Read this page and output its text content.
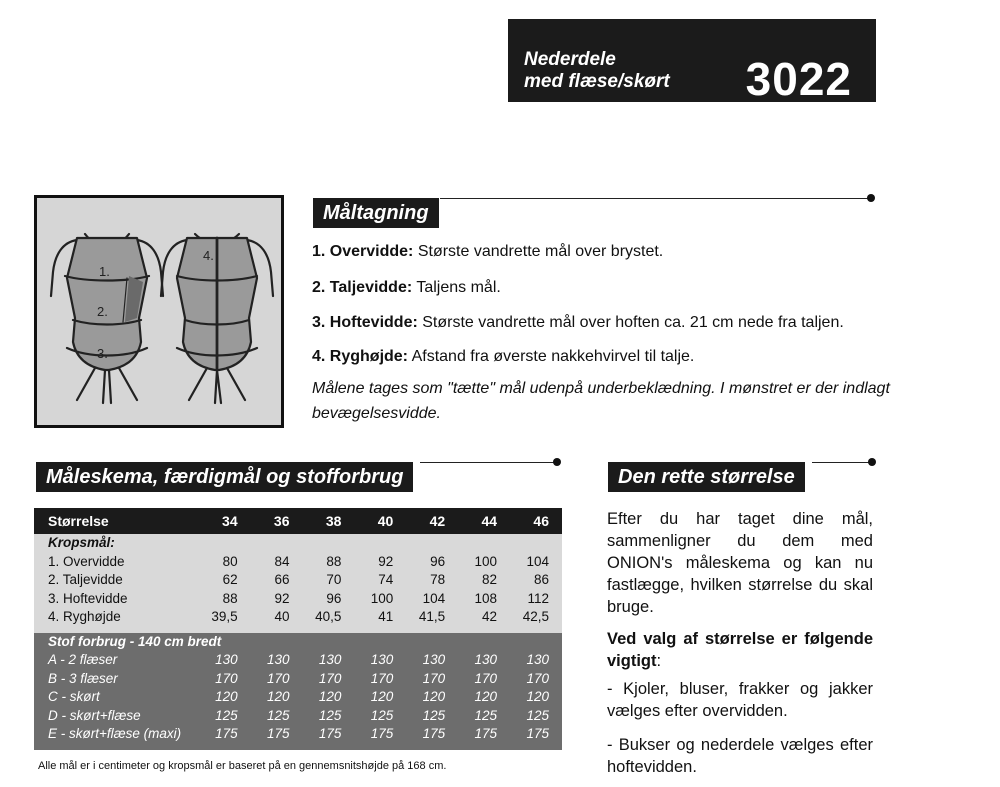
Nederdele
med flæse/skørt 3022
1.
2.
3.
4.
Måltagning
1. Overvidde: Største vandrette mål over brystet.
2. Taljevidde: Taljens mål.
3. Hoftevidde: Største vandrette mål over hoften ca. 21 cm nede fra taljen.
4. Ryghøjde: Afstand fra øverste nakkehvirvel til talje.
Målene tages som "tætte" mål udenpå underbeklædning. I mønstret er der indlagt bevægelsesvidde.
Måleskema, færdigmål og stofforbrug
Størrelse	34	36	38	40	42	44	46
Kropsmål:							
1. Overvidde	80	84	88	92	96	100	104
2. Taljevidde	62	66	70	74	78	82	86
3. Hoftevidde	88	92	96	100	104	108	112
4. Ryghøjde	39,5	40	40,5	41	41,5	42	42,5

Stof forbrug - 140 cm bredt							
A - 2 flæser	130	130	130	130	130	130	130
B - 3 flæser	170	170	170	170	170	170	170
C - skørt	120	120	120	120	120	120	120
D - skørt+flæse	125	125	125	125	125	125	125
E - skørt+flæse (maxi)	175	175	175	175	175	175	175

Alle mål er i centimeter og kropsmål er baseret på en gennemsnitshøjde på 168 cm.
Den rette størrelse

Efter du har taget dine mål, sammenligner du dem med ONION's måleskema og kan nu fastlægge, hvilken størrelse du skal bruge.

Ved valg af størrelse er følgende vigtigt:

- Kjoler, bluser, frakker og jakker vælges efter overvidden.

- Bukser og nederdele vælges efter hoftevidden.
